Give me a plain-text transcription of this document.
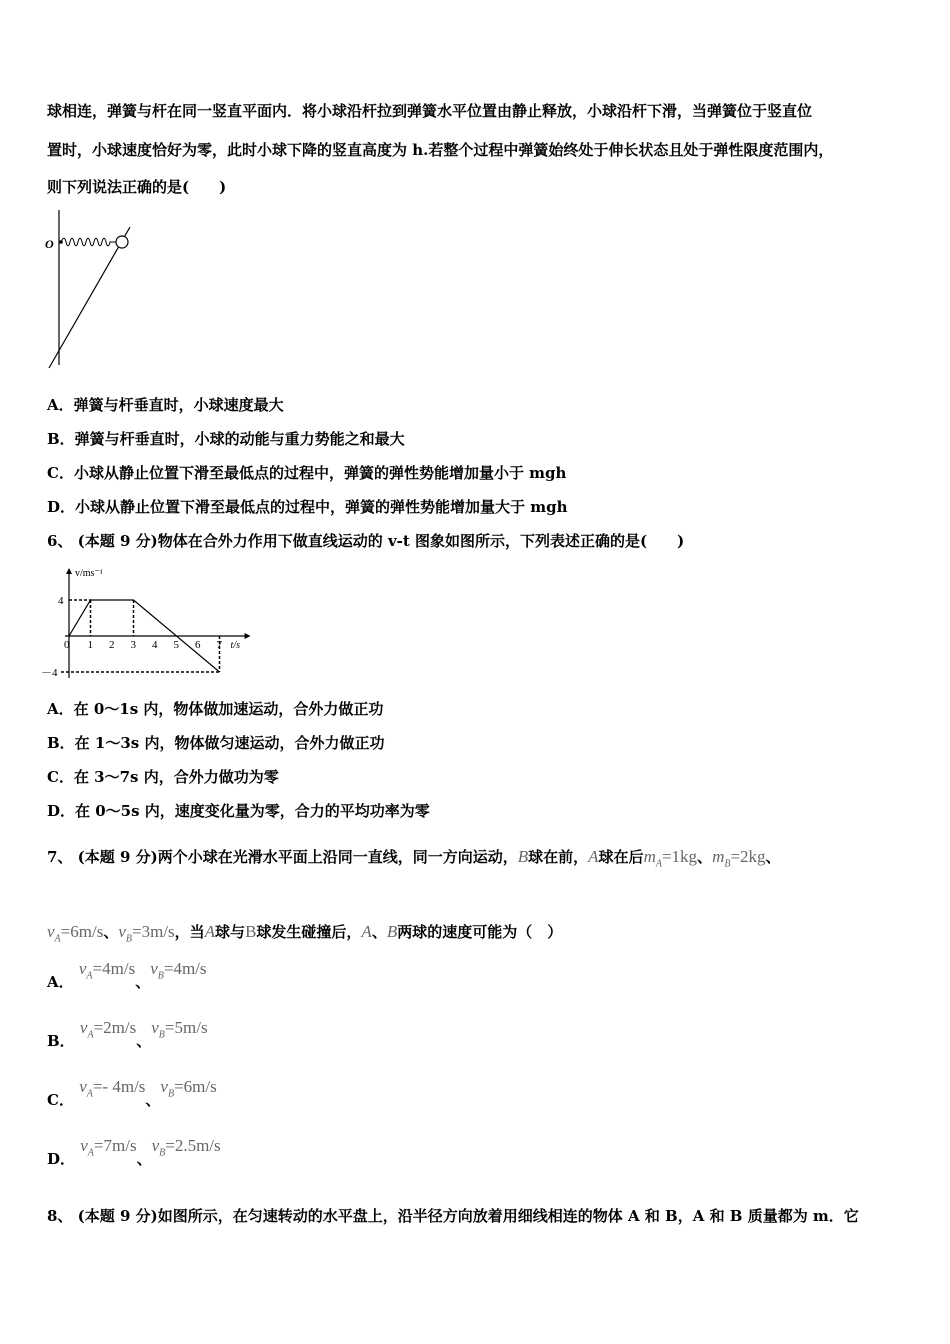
球相连，弹簧与杆在同一竖直平面内．将小球沿杆拉到弹簧水平位置由静止释放，小球沿杆下滑，当弹簧位于竖直位
置时，小球速度恰好为零，此时小球下降的竖直高度为 h.若整个过程中弹簧始终处于伸长状态且处于弹性限度范围内，
则下列说法正确的是(　　)
O
A．弹簧与杆垂直时，小球速度最大
B．弹簧与杆垂直时，小球的动能与重力势能之和最大
C．小球从静止位置下滑至最低点的过程中，弹簧的弹性势能增加量小于 mgh
D．小球从静止位置下滑至最低点的过程中，弹簧的弹性势能增加量大于 mgh
6、 (本题 9 分)物体在合外力作用下做直线运动的 v-t 图象如图所示，下列表述正确的是(　　)
v/ms⁻¹
t/s
0 1 2 3 4 5 6 7
4
－4
A．在 0～1s 内，物体做加速运动，合外力做正功
B．在 1～3s 内，物体做匀速运动，合外力做正功
C．在 3～7s 内，合外力做功为零
D．在 0～5s 内，速度变化量为零，合力的平均功率为零
7、 (本题 9 分)两个小球在光滑水平面上沿同一直线，同一方向运动，B球在前，A球在后$m_A=1kg$、$m_B=2kg$、
$v_A=6m/s$、$v_B=3m/s$，当A球与B球发生碰撞后，A、B两球的速度可能为（　）
A． $v_A=4m/s$、$v_B=4m/s$
B． $v_A=2m/s$、$v_B=5m/s$
C． $v_A=-$ 4m/s、$v_B=6m/s$
D． $v_A=7m/s$、$v_B=2.5m/s$
8、 (本题 9 分)如图所示，在匀速转动的水平盘上，沿半径方向放着用细线相连的物体 A 和 B，A 和 B 质量都为 m．它
